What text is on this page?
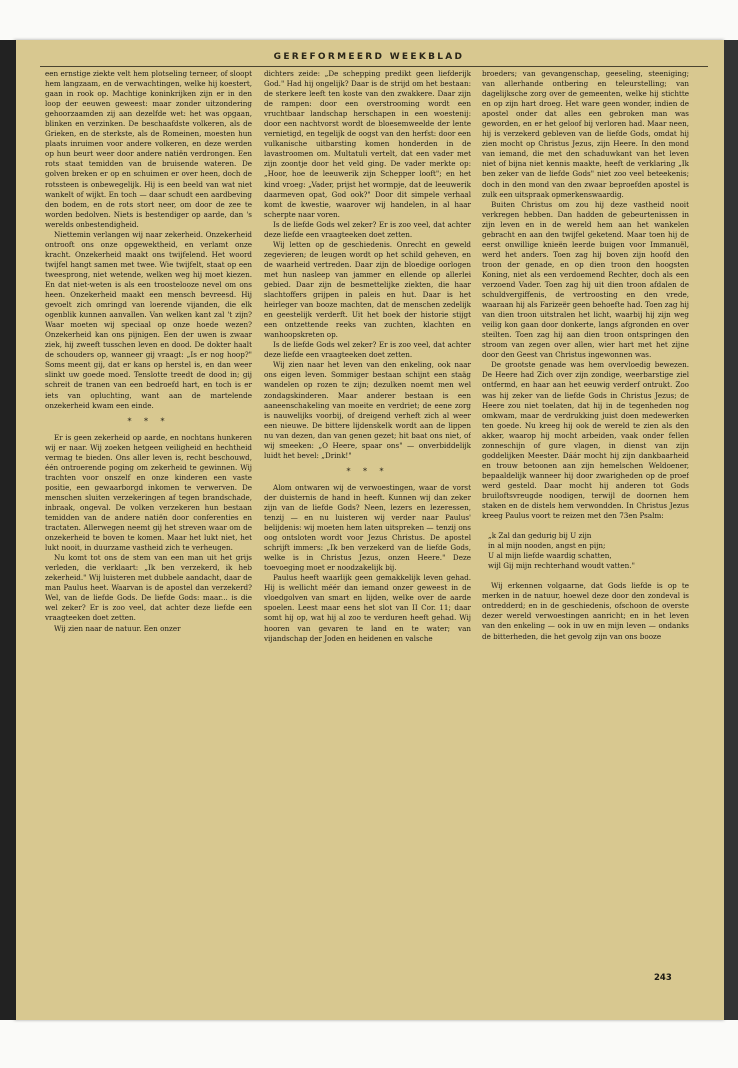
GEREFORMEERD WEEKBLAD

een ernstige ziekte velt hem plotseling terneer, of sloopt hem langzaam, en de verwachtingen, welke hij koestert, gaan in rook op. Machtige koninkrijken zijn er in den loop der eeuwen geweest: maar zonder uitzondering gehoorzaamden zij aan dezelfde wet: het was opgaan, blinken en verzinken. De beschaafdste volkeren, als de Grieken, en de sterkste, als de Romeinen, moesten hun plaats inruimen voor andere volkeren, en deze werden op hun beurt weer door andere natiën verdrongen. Een rots staat temidden van de bruisende wateren. De golven breken er op en schuimen er over heen, doch de rotssteen is onbewegelijk. Hij is een beeld van wat niet wankelt of wijkt. En toch — daar schudt een aardbeving den bodem, en de rots stort neer, om door de zee te worden bedolven. Niets is bestendiger op aarde, dan 's werelds onbestendigheid.

Niettemin verlangen wij naar zekerheid. Onzekerheid ontrooft ons onze opgewektheid, en verlamt onze kracht. Onzekerheid maakt ons twijfelend. Het woord twijfel hangt samen met twee. Wie twijfelt, staat op een tweesprong, niet wetende, welken weg hij moet kiezen. En dat niet-weten is als een troostelooze nevel om ons heen. Onzekerheid maakt een mensch bevreesd. Hij gevoelt zich omringd van loerende vijanden, die elk ogenblik kunnen aanvallen. Van welken kant zal 't zijn? Waar moeten wij speciaal op onze hoede wezen? Onzekerheid kan ons pijnigen. Een der uwen is zwaar ziek, hij zweeft tusschen leven en dood. De dokter haalt de schouders op, wanneer gij vraagt: „Is er nog hoop?" Soms meent gij, dat er kans op herstel is, en dan weer slinkt uw goede moed. Tenslotte treedt de dood in; gij schreit de tranen van een bedroefd hart, en toch is er iets van opluchting, want aan de martelende onzekerheid kwam een einde.

* * *

Er is geen zekerheid op aarde, en nochtans hunkeren wij er naar. Wij zoeken hetgeen veiligheid en hechtheid vermag te bieden. Ons aller leven is, recht beschouwd, één ontroerende poging om zekerheid te gewinnen. Wij trachten voor onszelf en onze kinderen een vaste positie, een gewaarborgd inkomen te verwerven. De menschen sluiten verzekeringen af tegen brandschade, inbraak, ongeval. De volken verzekeren hun bestaan temidden van de andere natiën door conferenties en tractaten. Allerwegen neemt gij het streven waar om de onzekerheid te boven te komen. Maar het lukt niet, het lukt nooit, in duurzame vastheid zich te verheugen.

Nu komt tot ons de stem van een man uit het grijs verleden, die verklaart: „Ik ben verzekerd, ik heb zekerheid." Wij luisteren met dubbele aandacht, daar de man Paulus heet. Waarvan is de apostel dan verzekerd? Wel, van de liefde Gods. De liefde Gods: maar... is die wel zeker? Er is zoo veel, dat achter deze liefde een vraagteeken doet zetten.

Wij zien naar de natuur. Een onzer

dichters zeide: „De schepping predikt geen liefderijk God." Had hij ongelijk? Daar is de strijd om het bestaan: de sterkere leeft ten koste van den zwakkere. Daar zijn de rampen: door een overstrooming wordt een vruchtbaar landschap herschapen in een woestenij: door een nachtvorst wordt de bloesemweelde der lente vernietigd, en tegelijk de oogst van den herfst: door een vulkanische uitbarsting komen honderden in de lavastroomen om. Multatuli vertelt, dat een vader met zijn zoontje door het veld ging. De vader merkte op: „Hoor, hoe de leeuwerik zijn Schepper looft"; en het kind vroeg: „Vader, prijst het wormpje, dat de leeuwerik daarmeven opat, God ook?" Door dit simpele verhaal komt de kwestie, waarover wij handelen, in al haar scherpte naar voren.

Is de liefde Gods wel zeker? Er is zoo veel, dat achter deze liefde een vraagteeken doet zetten.

Wij letten op de geschiedenis. Onrecht en geweld zegevieren; de leugen wordt op het schild geheven, en de waarheid vertreden. Daar zijn de bloedige oorlogen met hun nasleep van jammer en ellende op allerlei gebied. Daar zijn de besmettelijke ziekten, die haar slachtoffers grijpen in paleis en hut. Daar is het heirleger van booze machten, dat de menschen zedelijk en geestelijk verderft. Uit het boek der historie stijgt een ontzettende reeks van zuchten, klachten en wanhoopskreten op.

Is de liefde Gods wel zeker? Er is zoo veel, dat achter deze liefde een vraagteeken doet zetten.

Wij zien naar het leven van den enkeling, ook naar ons eigen leven. Sommiger bestaan schijnt een staäg wandelen op rozen te zijn; dezulken noemt men wel zondagskinderen. Maar anderer bestaan is een aaneenschakeling van moeite en verdriet; de eene zorg is nauwelijks voorbij, of dreigend verheft zich al weer een nieuwe. De bittere lijdenskelk wordt aan de lippen nu van dezen, dan van genen gezet; hit baat ons niet, of wij smeeken: „O Heere, spaar ons" — onverbiddelijk luidt het bevel: „Drink!"

* * *

Alom ontwaren wij de verwoestingen, waar de vorst der duisternis de hand in heeft. Kunnen wij dan zeker zijn van de liefde Gods? Neen, lezers en lezeressen, tenzij — en nu luisteren wij verder naar Paulus' belijdenis: wij moeten hem laten uitspreken — tenzij ons oog ontsloten wordt voor Jezus Christus. De apostel schrijft immers: „Ik ben verzekerd van de liefde Gods, welke is in Christus Jezus, onzen Heere." Deze toevoeging moet er noodzakelijk bij.

Paulus heeft waarlijk geen gemakkelijk leven gehad. Hij is wellicht méér dan iemand onzer geweest in de vloedgolven van smart en lijden, welke over de aarde spoelen. Leest maar eens het slot van II Cor. 11; daar somt hij op, wat hij al zoo te verduren heeft gehad. Wij hooren van gevaren te land en te water; van vijandschap der Joden en heidenen en valsche

broeders; van gevangenschap, geeseling, steeniging; van allerhande ontbering en teleurstelling; van dagelijksche zorg over de gemeenten, welke hij stichtte en op zijn hart droeg. Het ware geen wonder, indien de apostel onder dat alles een gebroken man was geworden, en er het geloof bij verloren had. Maar neen, hij is verzekerd gebleven van de liefde Gods, omdat hij zien mocht op Christus Jezus, zijn Heere. In den mond van iemand, die met den schaduwkant van het leven niet of bijna niet kennis maakte, heeft de verklaring „Ik ben zeker van de liefde Gods" niet zoo veel beteekenis; doch in den mond van den zwaar beproefden apostel is zulk een uitspraak opmerkenswaardig.

Buiten Christus om zou hij deze vastheid nooit verkregen hebben. Dan hadden de gebeurtenissen in zijn leven en in de wereld hem aan het wankelen gebracht en aan den twijfel geketend. Maar toen hij de eerst onwillige knieën leerde buigen voor Immanuël, werd het anders. Toen zag hij boven zijn hoofd den troon der genade, en op dien troon den hoogsten Koning, niet als een verdoemend Rechter, doch als een verzoend Vader. Toen zag hij uit dien troon afdalen de schuldvergiffenis, de vertroosting en den vrede, waaraan hij als Farizeër geen behoefte had. Toen zag hij van dien troon uitstralen het licht, waarbij hij zijn weg veilig kon gaan door donkerte, langs afgronden en over steilten. Toen zag hij aan dien troon ontspringen den stroom van zegen over allen, wier hart met het zijne door den Geest van Christus ingewonnen was.

De grootste genade was hem overvloedig bewezen. De Heere had Zich over zijn zondige, weerbarstige ziel ontfermd, en haar aan het eeuwig verderf ontrukt. Zoo was hij zeker van de liefde Gods in Christus Jezus; de Heere zou niet toelaten, dat hij in de tegenheden nog omkwam, maar de verdrukking juist doen medewerken ten goede. Nu kreeg hij ook de wereld te zien als den akker, waarop hij mocht arbeiden, vaak onder fellen zonneschijn of gure vlagen, in dienst van zijn goddelijken Meester. Dáár mocht hij zijn dankbaarheid en trouw betoonen aan zijn hemelschen Weldoener, bepaaldelijk wanneer hij door zwarigheden op de proef werd gesteld. Daar mocht hij anderen tot Gods bruiloftsvreugde noodigen, terwijl de doornen hem staken en de distels hem verwondden. In Christus Jezus kreeg Paulus voort te reizen met den 73en Psalm:

„k Zal dan gedurig bij U zijn

in al mijn nooden, angst en pijn;

U al mijn liefde waardig schatten,

wijl Gij mijn rechterhand woudt vatten."

Wij erkennen volgaarne, dat Gods liefde is op te merken in de natuur, hoewel deze door den zondeval is ontredderd; en in de geschiedenis, ofschoon de overste dezer wereld verwoestingen aanricht; en in het leven van den enkeling — ook in uw en mijn leven — ondanks de bitterheden, die het gevolg zijn van ons booze

243
